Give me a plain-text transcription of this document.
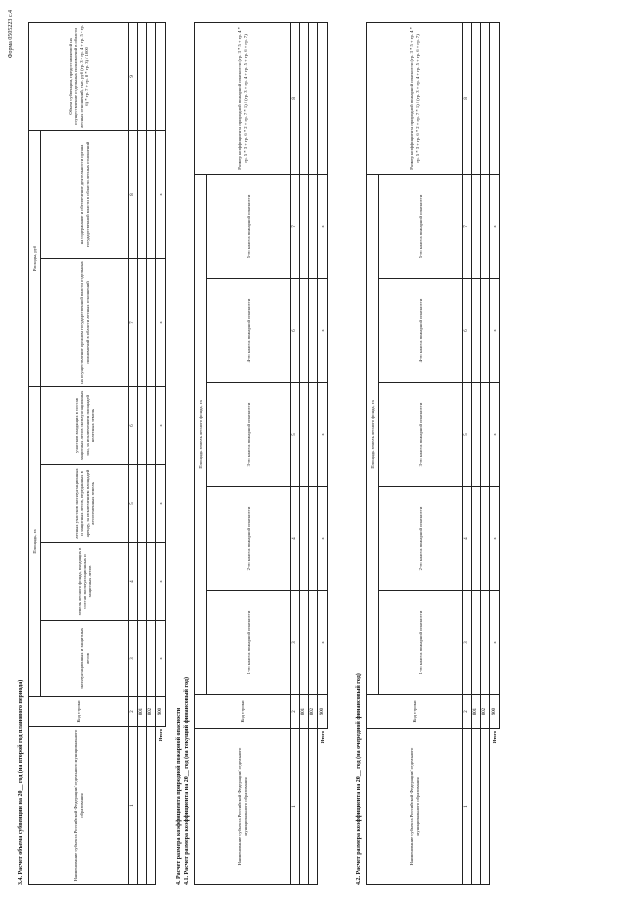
Форма 0505223 с.4
3.4. Расчет объема субвенции на 20__ год (на второй год планового периода)	Наименование субъекта Российской Федерации/ отдельного муниципального образования	Код строки	Площадь, га				Расходы, руб		Объем субвенции, предоставляемой на осуществление отдельных полномочий в области лесных отношений, тыс. руб (гр. 3 - гр. 4 + гр. 5 - гр. 6) * гр. 7 + гр. 8 * гр. 3) / 1000
		эксплуатационных и защитных лесов	земель лесного фонда, входящих в состав эксплуатационных и защитных лесов	лесных участков эксплуатационных и защитных лесов, переданных в аренду, за исключением площадей лесосеменных земель	участков входящих в состав защитных лесов эксплуатационных зон, за исключением площадей нелесных земель	на осуществление органом государственной власти отдельных полномочий в области лесных отношений	на содержание и обеспечение деятельности органа государственной власти в области лесных отношений	
1	2	3	4	5	6	7	8	9
	001							
	002							
Итого	900	х	х	х	х	х	х	
4. Расчет размера коэффициента природной пожарной опасности 4.1. Расчет размера коэффициента на 20__ год (на текущий финансовый год)	Наименование субъекта Российской Федерации/ отдельного муниципального образования	Код строки	Площадь земель лесного фонда, га					Размер коэффициента природной пожарной опасности (гр. 3 * 5 + гр. 4 * гр. 5 * 3 + гр. 6 * 2 + гр. 7 * 1) / (гр. 3 + гр. 4 + гр. 5 + гр. 6 + гр. 7)
		1-го класса пожарной опасности	2-го класса пожарной опасности	3-го класса пожарной опасности	4-го класса пожарной опасности	5-го класса пожарной опасности	
1	2	3	4	5	6	7	8
	001						
	002						
Итого	900	х	х	х	х	х	
4.2. Расчет размера коэффициента на 20__ год (на очередной финансовый год)	Наименование субъекта Российской Федерации/ отдельного муниципального образования	Код строки	Площадь земель лесного фонда, га					Размер коэффициента природной пожарной опасности (гр. 3 * 5 + гр. 4 * гр. 5 * 3 + гр. 6 * 2 + гр. 7 * 1) / (гр. 3 + гр. 4 + гр. 5 + гр. 6 + гр. 7)
		1-го класса пожарной опасности	2-го класса пожарной опасности	3-го класса пожарной опасности	4-го класса пожарной опасности	5-го класса пожарной опасности	
1	2	3	4	5	6	7	8
	001						
	002						
Итого	900	х	х	х	х	х	
